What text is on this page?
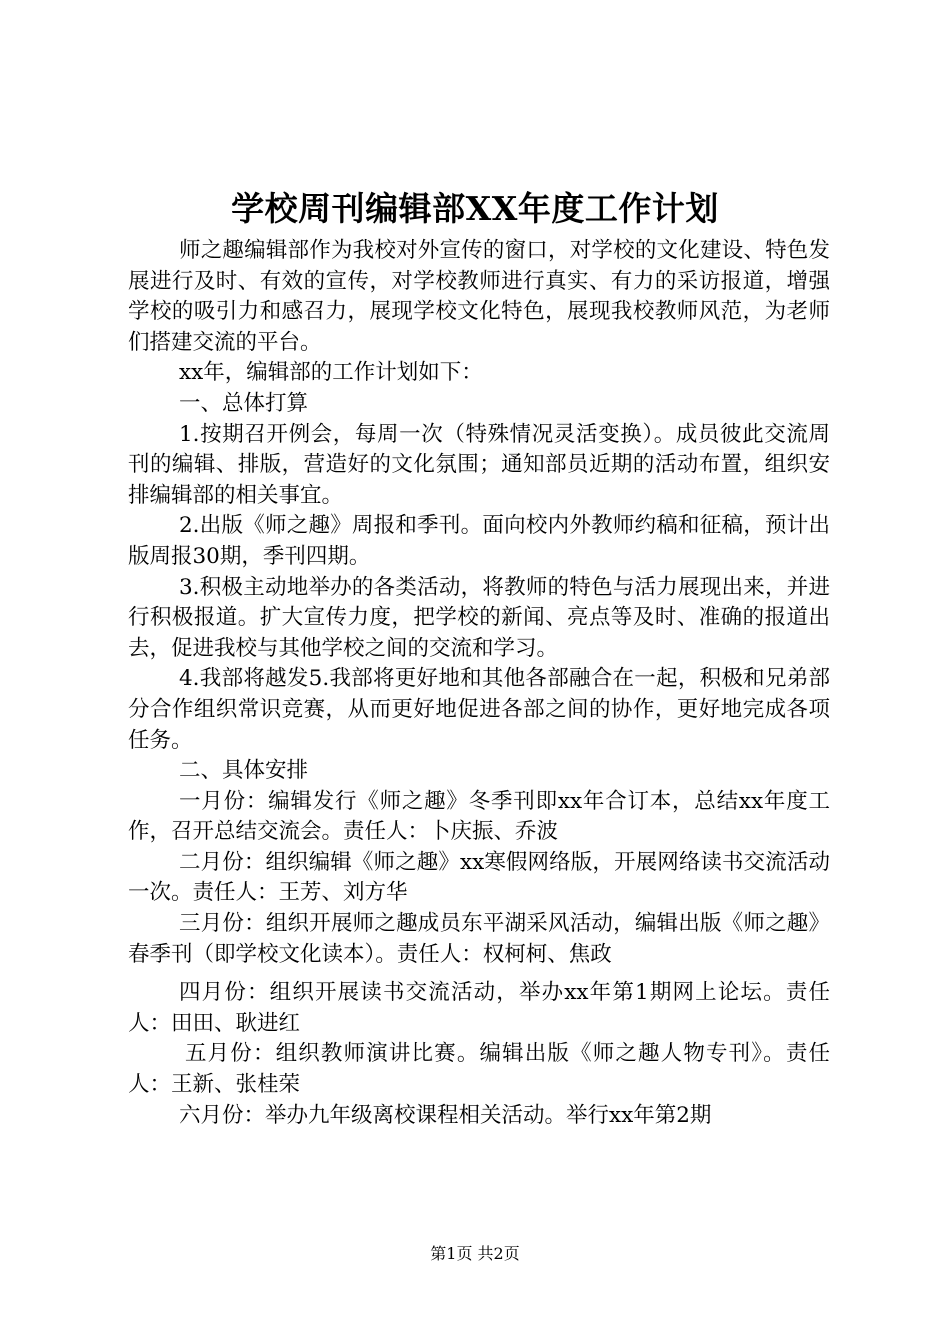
学校周刊编辑部XX年度工作计划

师之趣编辑部作为我校对外宣传的窗口，对学校的文化建设、特色发展进行及时、有效的宣传，对学校教师进行真实、有力的采访报道，增强学校的吸引力和感召力，展现学校文化特色，展现我校教师风范，为老师们搭建交流的平台。

xx年，编辑部的工作计划如下：

一、总体打算

1.按期召开例会，每周一次（特殊情况灵活变换）。成员彼此交流周刊的编辑、排版，营造好的文化氛围；通知部员近期的活动布置，组织安排编辑部的相关事宜。

2.出版《师之趣》周报和季刊。面向校内外教师约稿和征稿，预计出版周报30期，季刊四期。

3.积极主动地举办的各类活动，将教师的特色与活力展现出来，并进行积极报道。扩大宣传力度，把学校的新闻、亮点等及时、准确的报道出去，促进我校与其他学校之间的交流和学习。

4.我部将越发5.我部将更好地和其他各部融合在一起，积极和兄弟部分合作组织常识竞赛，从而更好地促进各部之间的协作，更好地完成各项任务。

二、具体安排

一月份：编辑发行《师之趣》冬季刊即xx年合订本，总结xx年度工作，召开总结交流会。责任人：卜庆振、乔波

二月份：组织编辑《师之趣》xx寒假网络版，开展网络读书交流活动一次。责任人：王芳、刘方华

三月份：组织开展师之趣成员东平湖采风活动，编辑出版《师之趣》春季刊（即学校文化读本）。责任人：权柯柯、焦政

四月份：组织开展读书交流活动，举办xx年第1期网上论坛。责任人：田田、耿进红

五月份：组织教师演讲比赛。编辑出版《师之趣人物专刊》。责任人：王新、张桂荣

六月份：举办九年级离校课程相关活动。举行xx年第2期

第1页 共2页
